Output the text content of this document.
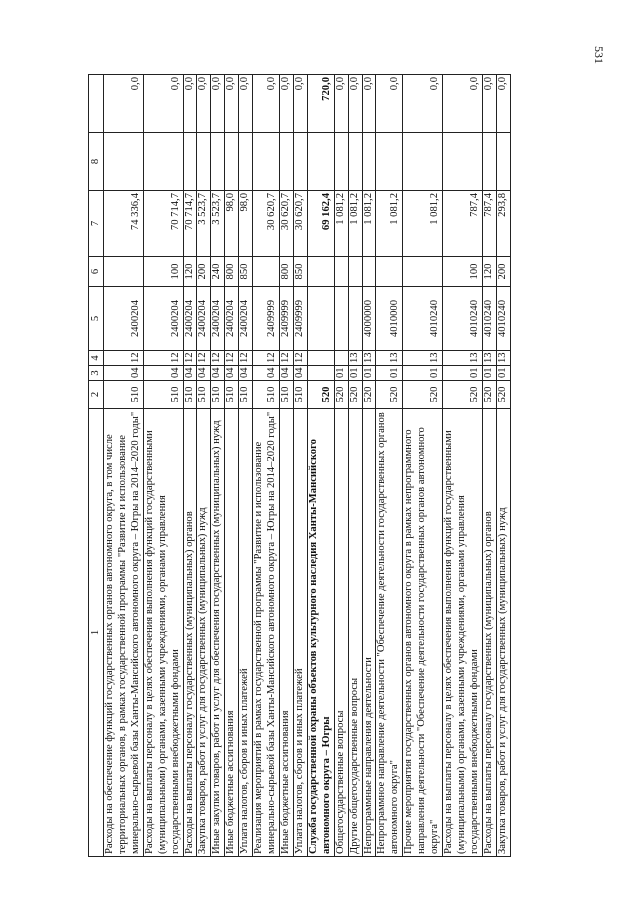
531
1	2	3	4	5	6	7	8	
Расходы на обеспечение функций государственных органов автономного округа, в том числе территориальных органов, в рамках государственной программы "Развитие и использование минерально-сырьевой базы Ханты-Мансийского автономного округа – Югры на 2014–2020 годы"	510	04	12	2400204		74 336,4		0,0
Расходы на выплаты персоналу в целях обеспечения выполнения функций государственными (муниципальными) органами, казенными учреждениями, органами управления государственными внебюджетными фондами	510	04	12	2400204	100	70 714,7		0,0
Расходы на выплаты персоналу государственных (муниципальных) органов	510	04	12	2400204	120	70 714,7		0,0
Закупка товаров, работ и услуг для государственных (муниципальных) нужд	510	04	12	2400204	200	3 523,7		0,0
Иные закупки товаров, работ и услуг для обеспечения государственных (муниципальных) нужд	510	04	12	2400204	240	3 523,7		0,0
Иные бюджетные ассигнования	510	04	12	2400204	800	98,0		0,0
Уплата налогов, сборов и иных платежей	510	04	12	2400204	850	98,0		0,0
Реализация мероприятий в рамках государственной программы "Развитие и использование минерально-сырьевой базы Ханты-Мансийского автономного округа – Югры на 2014–2020 годы"	510	04	12	2409999		30 620,7		0,0
Иные бюджетные ассигнования	510	04	12	2409999	800	30 620,7		0,0
Уплата налогов, сборов и иных платежей	510	04	12	2409999	850	30 620,7		0,0
Служба государственной охраны объектов культурного наследия Ханты-Мансийского автономного округа – Югры	520					69 162,4		720,0
Общегосударственные вопросы	520	01				1 081,2		0,0
Другие общегосударственные вопросы	520	01	13			1 081,2		0,0
Непрограммные направления деятельности	520	01	13	4000000		1 081,2		0,0
Непрограммное направление деятельности "Обеспечение деятельности государственных органов автономного округа"	520	01	13	4010000		1 081,2		0,0
Прочие мероприятия государственных органов автономного округа в рамках непрограммного направления деятельности "Обеспечение деятельности государственных органов автономного округа"	520	01	13	4010240		1 081,2		0,0
Расходы на выплаты персоналу в целях обеспечения выполнения функций государственными (муниципальными) органами, казенными учреждениями, органами управления государственными внебюджетными фондами	520	01	13	4010240	100	787,4		0,0
Расходы на выплаты персоналу государственных (муниципальных) органов	520	01	13	4010240	120	787,4		0,0
Закупка товаров, работ и услуг для государственных (муниципальных) нужд	520	01	13	4010240	200	293,8		0,0
